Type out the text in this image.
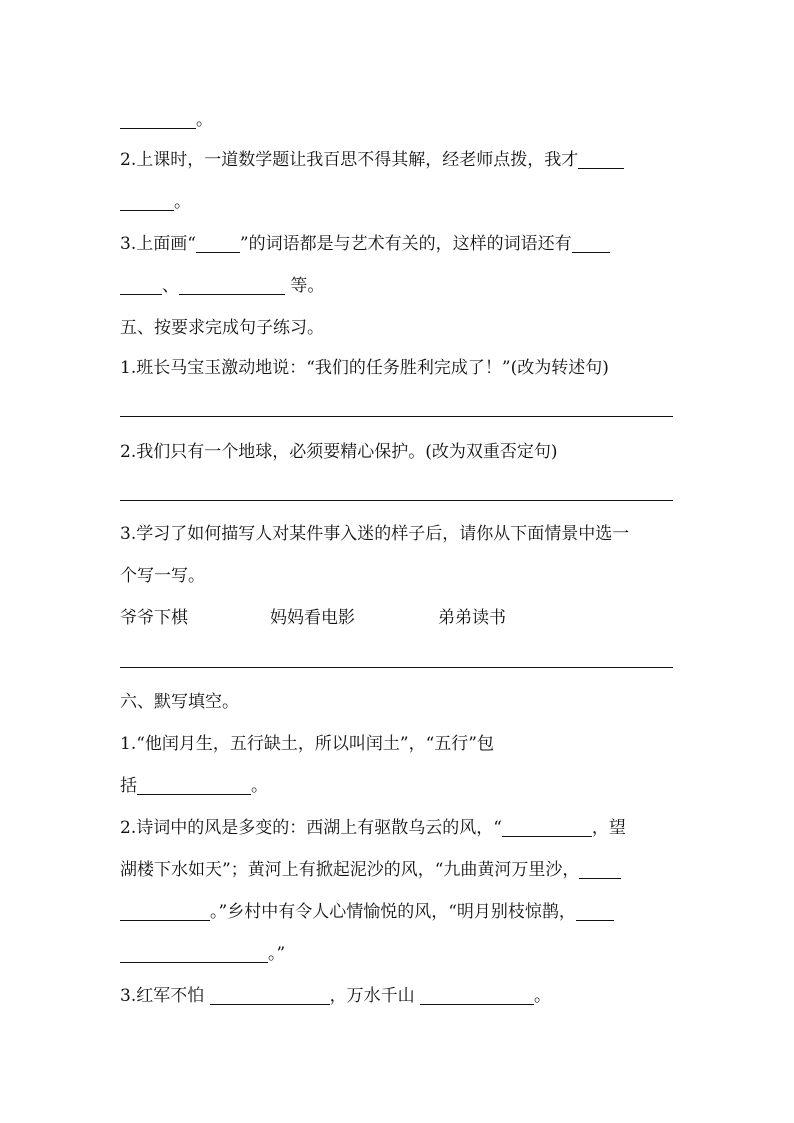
。
2.上课时，一道数学题让我百思不得其解，经老师点拨，我才
。
3.上面画“	”的词语都是与艺术有关的，这样的词语还有
、	等。
五、按要求完成句子练习。
1.班长马宝玉激动地说：“我们的任务胜利完成了！”(改为转述句)
2.我们只有一个地球，必须要精心保护。(改为双重否定句)
3.学习了如何描写人对某件事入迷的样子后，请你从下面情景中选一
个写一写。
爷爷下棋	妈妈看电影	弟弟读书
六、默写填空。
1.“他闰月生，五行缺土，所以叫闰土”，“五行”包
括	。
2.诗词中的风是多变的：西湖上有驱散乌云的风，“	，望
湖楼下水如天”；黄河上有掀起泥沙的风，“九曲黄河万里沙，
。”乡村中有令人心情愉悦的风，“明月别枝惊鹊，
。”
3.红军不怕	，万水千山	。
